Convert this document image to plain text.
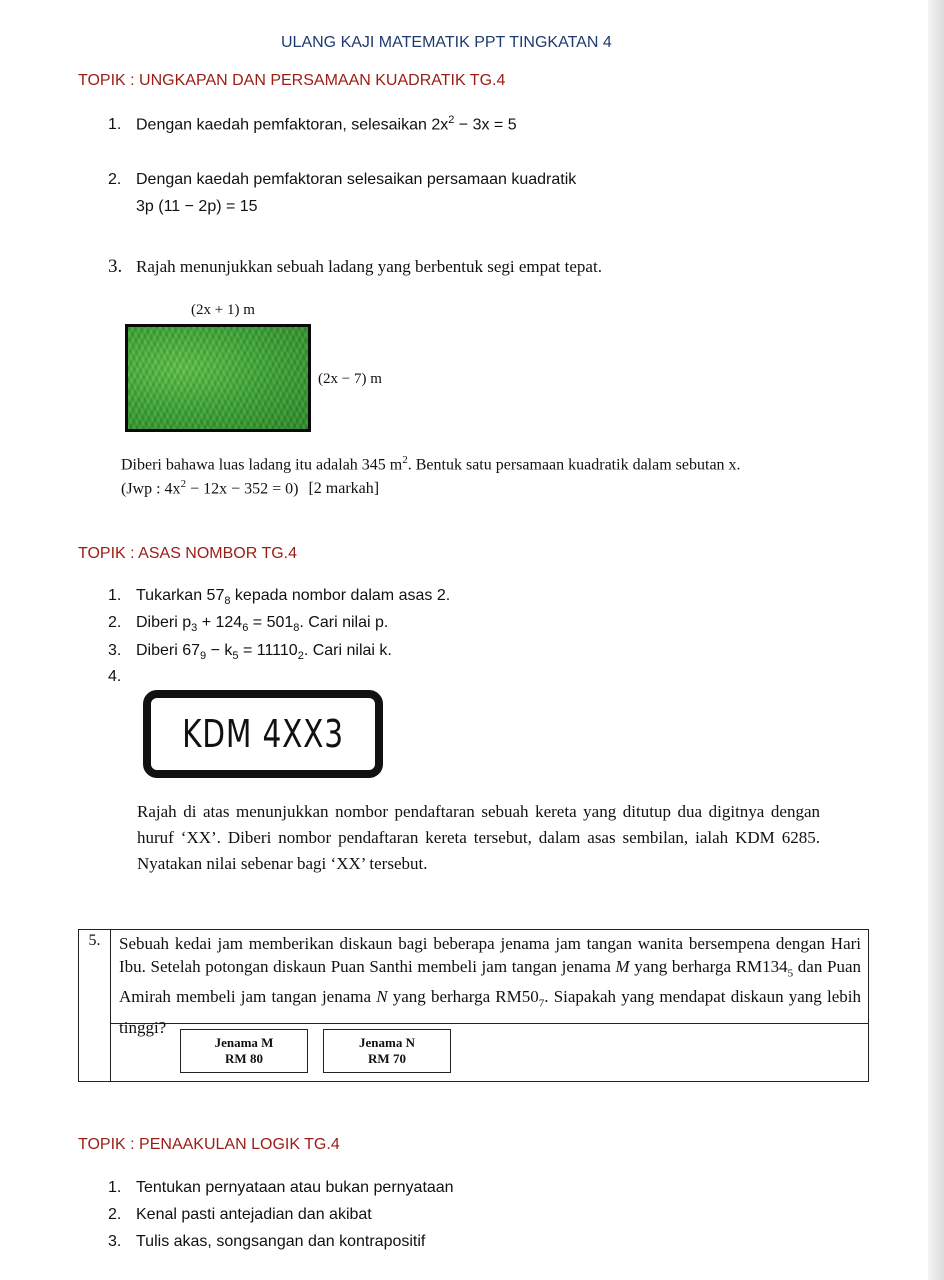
ULANG KAJI MATEMATIK PPT TINGKATAN 4
TOPIK : UNGKAPAN DAN PERSAMAAN KUADRATIK TG.4
1. Dengan kaedah pemfaktoran, selesaikan $2x^2 - 3x = 5$
2. Dengan kaedah pemfaktoran selesaikan persamaan kuadratik
3p (11 − 2p) = 15
3. Rajah menunjukkan sebuah ladang yang berbentuk segi empat tepat.
(2x + 1) m
(2x − 7) m
Diberi bahawa luas ladang itu adalah 345 $m^2$. Bentuk satu persamaan kuadratik dalam sebutan x.
(Jwp : $4x^2 - 12x - 352 = 0$) [2 markah]
TOPIK : ASAS NOMBOR TG.4
1. Tukarkan $57_8$ kepada nombor dalam asas 2.
2. Diberi $p_3 + 124_6 = 501_8$. Cari nilai p.
3. Diberi $67_9 - k_5 = 11110_2$. Cari nilai k.
4.
KDM 4XX3
Rajah di atas menunjukkan nombor pendaftaran sebuah kereta yang ditutup dua digitnya dengan huruf ‘XX’. Diberi nombor pendaftaran kereta tersebut, dalam asas sembilan, ialah KDM 6285. Nyatakan nilai sebenar bagi ‘XX’ tersebut.
5.	Sebuah kedai jam memberikan diskaun bagi beberapa jenama jam tangan wanita bersempena dengan Hari Ibu. Setelah potongan diskaun Puan Santhi membeli jam tangan jenama M yang berharga $RM134_5$ dan Puan Amirah membeli jam tangan jenama N yang berharga $RM50_7$. Siapakah yang mendapat diskaun yang lebih tinggi?
Jenama M
RM 80
Jenama N
RM 70
TOPIK : PENAAKULAN LOGIK TG.4
1. Tentukan pernyataan atau bukan pernyataan
2. Kenal pasti antejadian dan akibat
3. Tulis akas, songsangan dan kontrapositif
